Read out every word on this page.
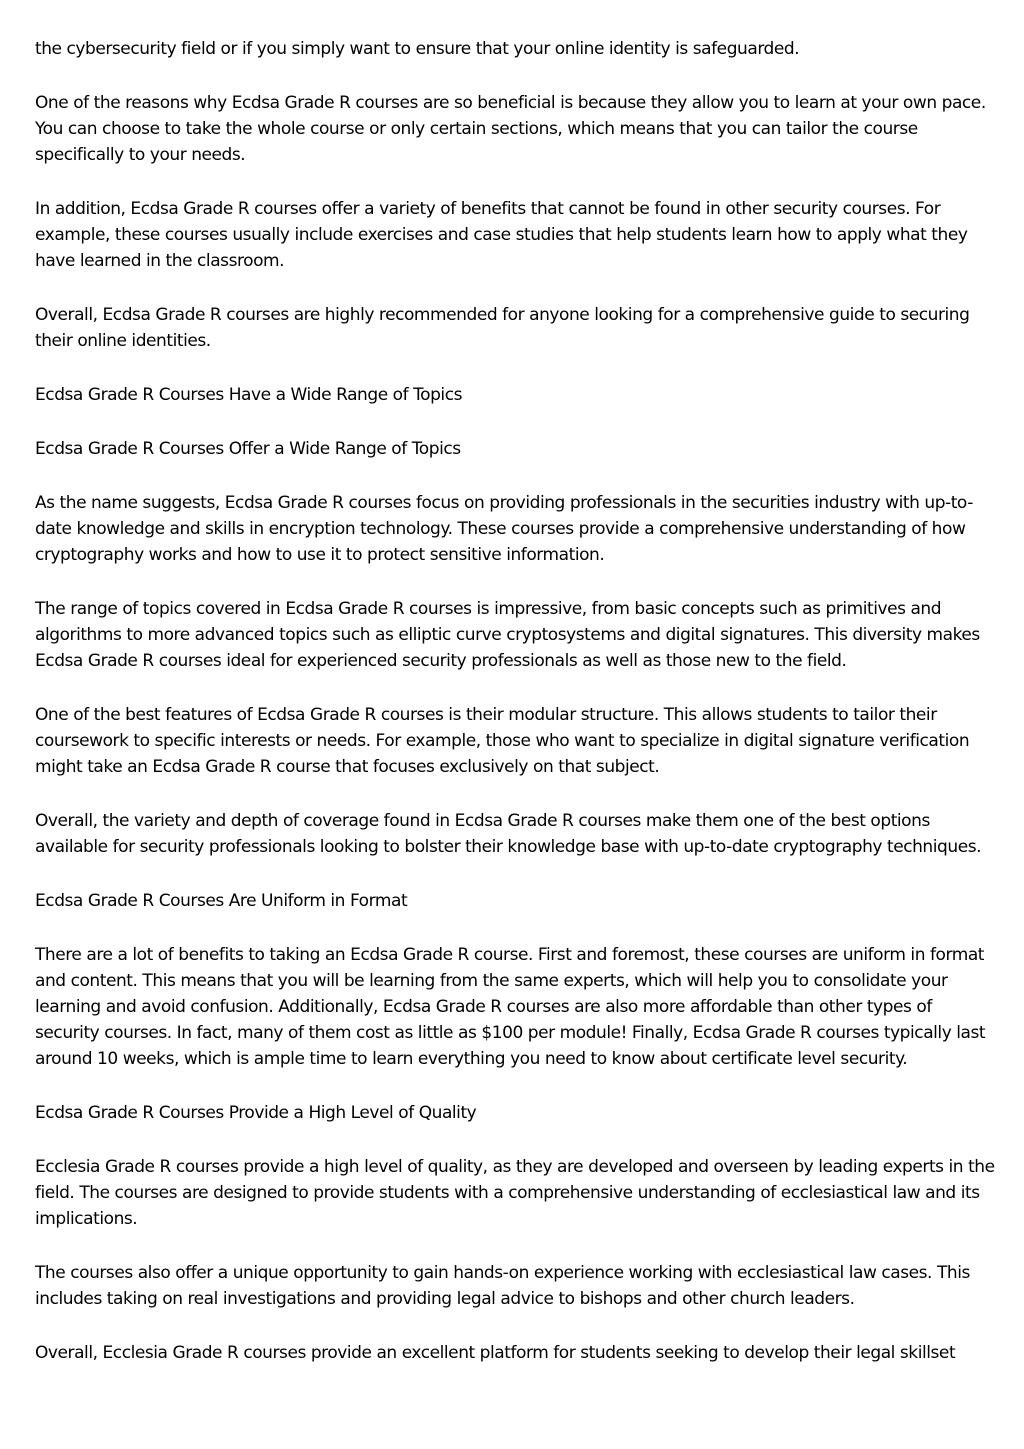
the cybersecurity field or if you simply want to ensure that your online identity is safeguarded.

One of the reasons why Ecdsa Grade R courses are so beneficial is because they allow you to learn at your own pace. You can choose to take the whole course or only certain sections, which means that you can tailor the course specifically to your needs.

In addition, Ecdsa Grade R courses offer a variety of benefits that cannot be found in other security courses. For example, these courses usually include exercises and case studies that help students learn how to apply what they have learned in the classroom.

Overall, Ecdsa Grade R courses are highly recommended for anyone looking for a comprehensive guide to securing their online identities.

Ecdsa Grade R Courses Have a Wide Range of Topics

Ecdsa Grade R Courses Offer a Wide Range of Topics

As the name suggests, Ecdsa Grade R courses focus on providing professionals in the securities industry with up-to-date knowledge and skills in encryption technology. These courses provide a comprehensive understanding of how cryptography works and how to use it to protect sensitive information.

The range of topics covered in Ecdsa Grade R courses is impressive, from basic concepts such as primitives and algorithms to more advanced topics such as elliptic curve cryptosystems and digital signatures. This diversity makes Ecdsa Grade R courses ideal for experienced security professionals as well as those new to the field.

One of the best features of Ecdsa Grade R courses is their modular structure. This allows students to tailor their coursework to specific interests or needs. For example, those who want to specialize in digital signature verification might take an Ecdsa Grade R course that focuses exclusively on that subject.

Overall, the variety and depth of coverage found in Ecdsa Grade R courses make them one of the best options available for security professionals looking to bolster their knowledge base with up-to-date cryptography techniques.

Ecdsa Grade R Courses Are Uniform in Format

There are a lot of benefits to taking an Ecdsa Grade R course. First and foremost, these courses are uniform in format and content. This means that you will be learning from the same experts, which will help you to consolidate your learning and avoid confusion. Additionally, Ecdsa Grade R courses are also more affordable than other types of security courses. In fact, many of them cost as little as $100 per module! Finally, Ecdsa Grade R courses typically last around 10 weeks, which is ample time to learn everything you need to know about certificate level security.

Ecdsa Grade R Courses Provide a High Level of Quality

Ecclesia Grade R courses provide a high level of quality, as they are developed and overseen by leading experts in the field. The courses are designed to provide students with a comprehensive understanding of ecclesiastical law and its implications.

The courses also offer a unique opportunity to gain hands-on experience working with ecclesiastical law cases. This includes taking on real investigations and providing legal advice to bishops and other church leaders.

Overall, Ecclesia Grade R courses provide an excellent platform for students seeking to develop their legal skillset
